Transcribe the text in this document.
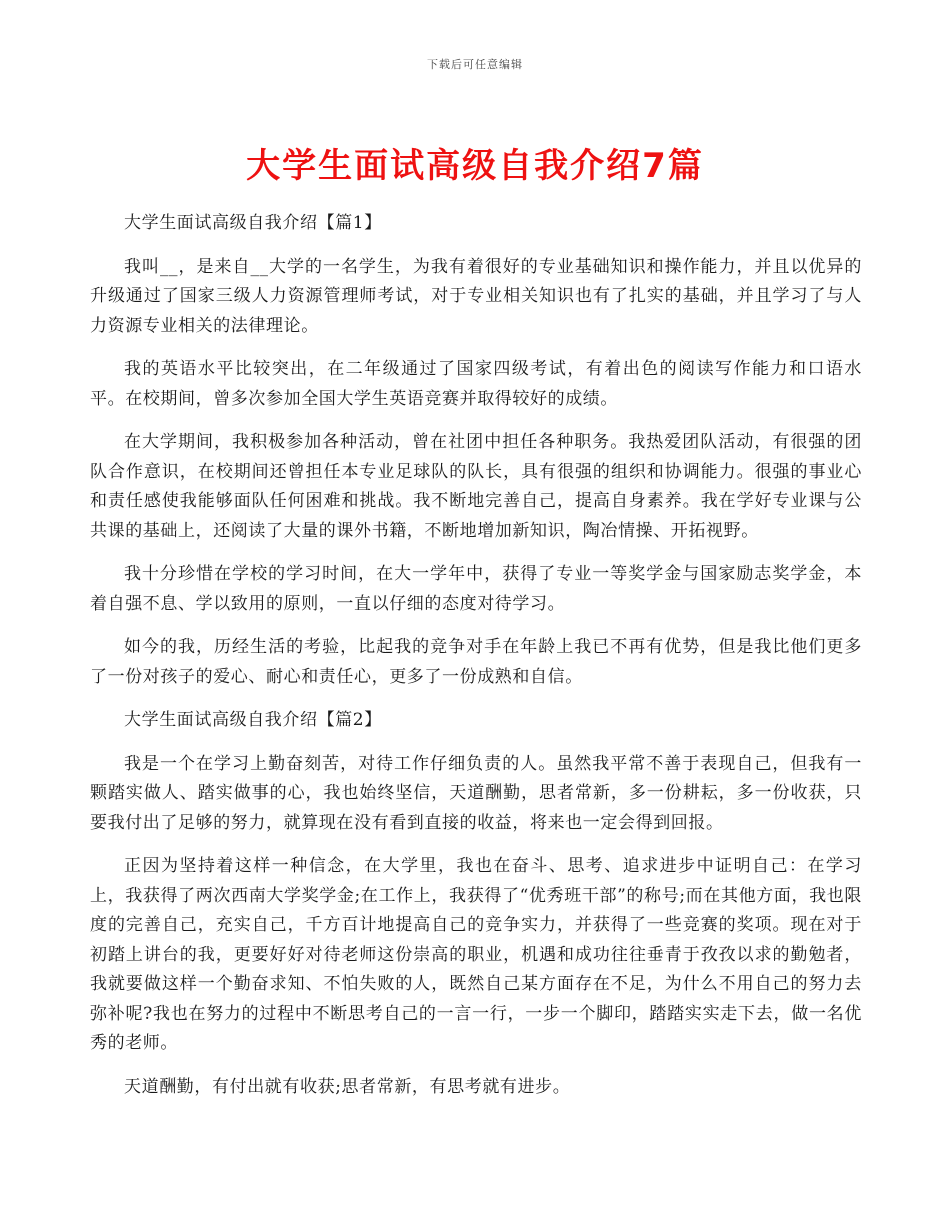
下载后可任意编辑
大学生面试高级自我介绍7篇

大学生面试高级自我介绍【篇1】

我叫__，是来自__大学的一名学生，为我有着很好的专业基础知识和操作能力，并且以优异的升级通过了国家三级人力资源管理师考试，对于专业相关知识也有了扎实的基础，并且学习了与人力资源专业相关的法律理论。

我的英语水平比较突出，在二年级通过了国家四级考试，有着出色的阅读写作能力和口语水平。在校期间，曾多次参加全国大学生英语竞赛并取得较好的成绩。

在大学期间，我积极参加各种活动，曾在社团中担任各种职务。我热爱团队活动，有很强的团队合作意识，在校期间还曾担任本专业足球队的队长，具有很强的组织和协调能力。很强的事业心和责任感使我能够面队任何困难和挑战。我不断地完善自己，提高自身素养。我在学好专业课与公共课的基础上，还阅读了大量的课外书籍，不断地增加新知识，陶冶情操、开拓视野。

我十分珍惜在学校的学习时间，在大一学年中，获得了专业一等奖学金与国家励志奖学金，本着自强不息、学以致用的原则，一直以仔细的态度对待学习。

如今的我，历经生活的考验，比起我的竞争对手在年龄上我已不再有优势，但是我比他们更多了一份对孩子的爱心、耐心和责任心，更多了一份成熟和自信。

大学生面试高级自我介绍【篇2】

我是一个在学习上勤奋刻苦，对待工作仔细负责的人。虽然我平常不善于表现自己，但我有一颗踏实做人、踏实做事的心，我也始终坚信，天道酬勤，思者常新，多一份耕耘，多一份收获，只要我付出了足够的努力，就算现在没有看到直接的收益，将来也一定会得到回报。

正因为坚持着这样一种信念，在大学里，我也在奋斗、思考、追求进步中证明自己：在学习上，我获得了两次西南大学奖学金;在工作上，我获得了“优秀班干部”的称号;而在其他方面，我也限度的完善自己，充实自己，千方百计地提高自己的竞争实力，并获得了一些竞赛的奖项。现在对于初踏上讲台的我，更要好好对待老师这份崇高的职业，机遇和成功往往垂青于孜孜以求的勤勉者，我就要做这样一个勤奋求知、不怕失败的人，既然自己某方面存在不足，为什么不用自己的努力去弥补呢?我也在努力的过程中不断思考自己的一言一行，一步一个脚印，踏踏实实走下去，做一名优秀的老师。

天道酬勤，有付出就有收获;思者常新，有思考就有进步。
